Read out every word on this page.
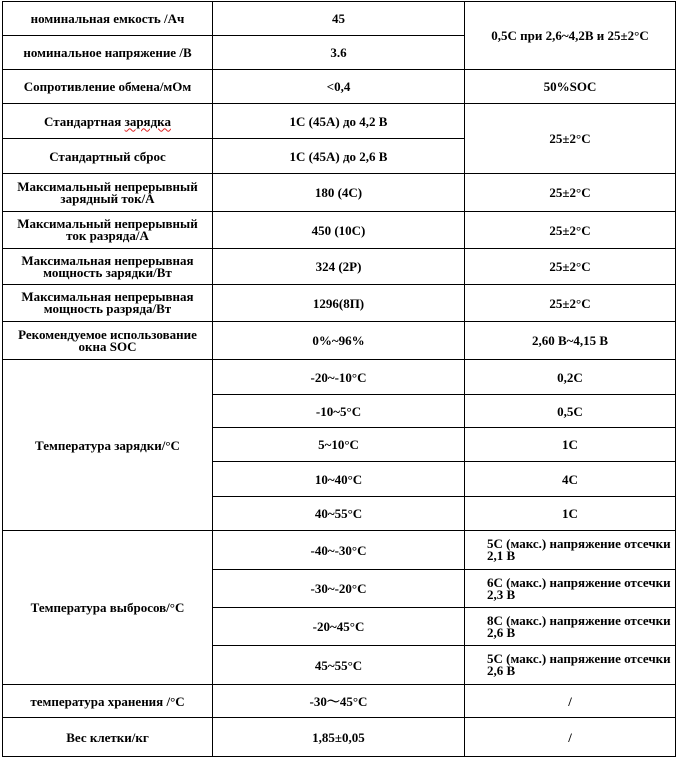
номинальная емкость /Ач	45	0,5C при 2,6~4,2В и 25±2°C
номинальное напряжение /В	3.6	
Сопротивление обмена/мОм	<0,4	50%SOC
Стандартная зарядка	1C (45А) до 4,2 В	25±2°C
Стандартный сброс	1C (45А) до 2,6 В	
Максимальный непрерывный зарядный ток/А	180 (4C)	25±2°C
Максимальный непрерывный ток разряда/А	450 (10C)	25±2°C
Максимальная непрерывная мощность зарядки/Вт	324 (2P)	25±2°C
Максимальная непрерывная мощность разряда/Вт	1296(8П)	25±2°C
Рекомендуемое использование окна SOC	0%~96%	2,60 В~4,15 В
Температура зарядки/°C	-20~-10°C	0,2C
	-10~5°C	0,5C
	5~10°C	1C
	10~40°C	4C
	40~55°C	1C
Температура выбросов/°C	-40~-30°C	5C (макс.) напряжение отсечки 2,1 В
	-30~-20°C	6C (макс.) напряжение отсечки 2,3 В
	-20~45°C	8C (макс.) напряжение отсечки 2,6 В
	45~55°C	5C (макс.) напряжение отсечки 2,6 В
температура хранения /°C	-30～45°C	/
Вес клетки/кг	1,85±0,05	/
